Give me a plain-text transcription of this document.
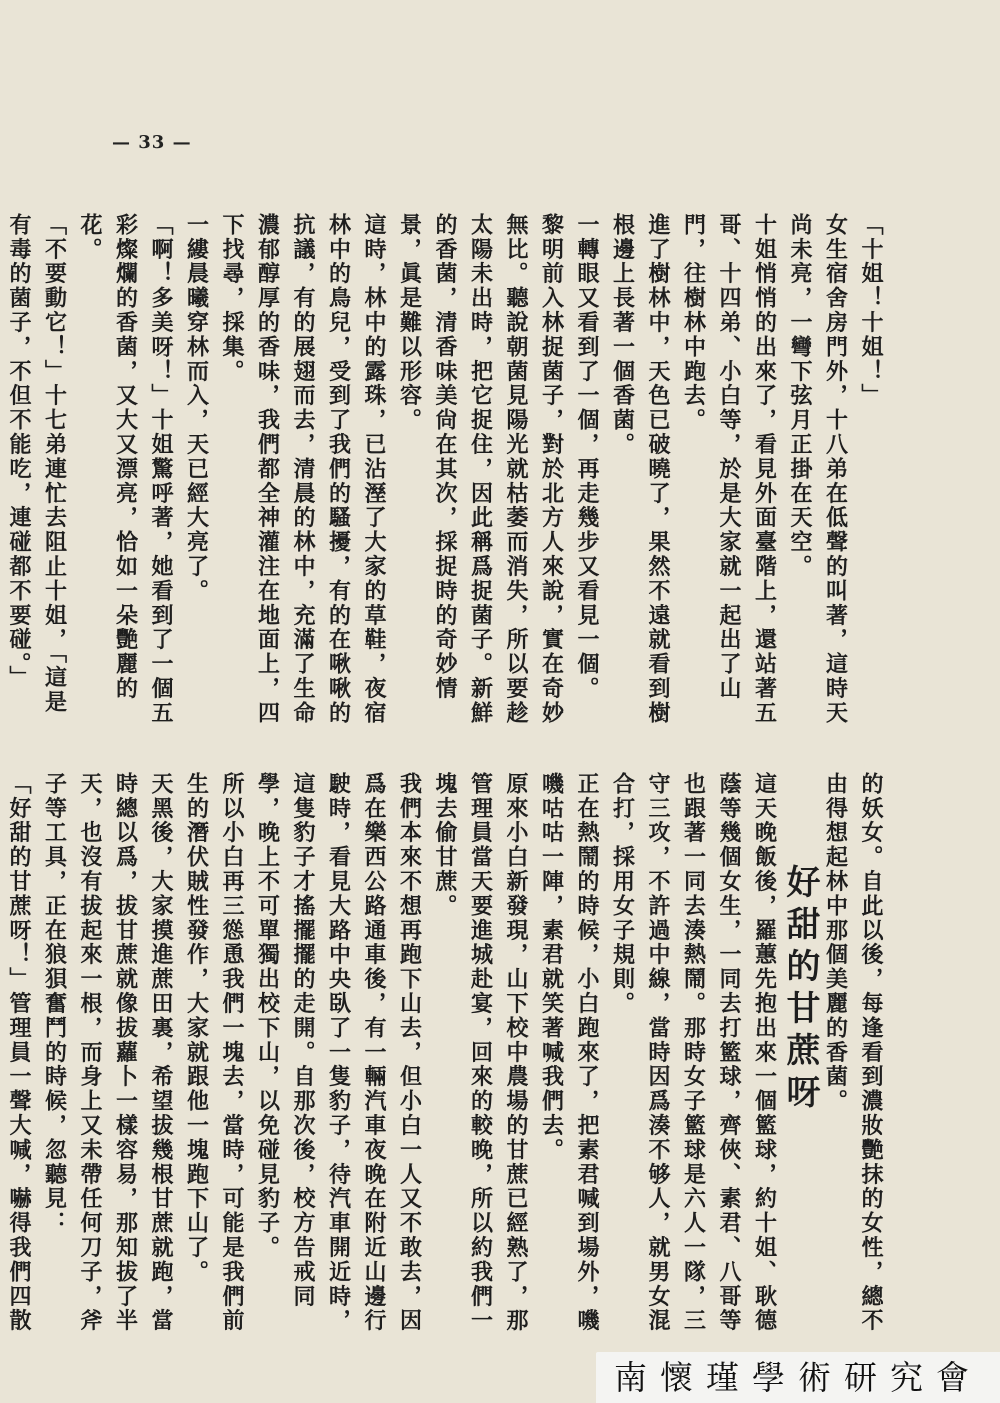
— 33 —

「十姐！十姐！」

女生宿舍房門外，十八弟在低聲的叫著，這時天尚未亮，一彎下弦月正掛在天空。

十姐悄悄的出來了，看見外面臺階上，還站著五哥、十四弟、小白等，於是大家就一起出了山門，往樹林中跑去。

進了樹林中，天色已破曉了，果然不遠就看到樹根邊上長著一個香菌。

一轉眼又看到了一個，再走幾步又看見一個。

黎明前入林捉菌子，對於北方人來說，實在奇妙無比。聽說朝菌見陽光就枯萎而消失，所以要趁太陽未出時，把它捉住，因此稱爲捉菌子。新鮮的香菌，清香味美尙在其次，採捉時的奇妙情景，眞是難以形容。

這時，林中的露珠，已沾溼了大家的草鞋，夜宿林中的鳥兒，受到了我們的騷擾，有的在啾啾的抗議，有的展翅而去，清晨的林中，充滿了生命濃郁醇厚的香味，我們都全神灌注在地面上，四下找尋，採集。

一縷晨曦穿林而入，天已經大亮了。

「啊！多美呀！」十姐驚呼著，她看到了一個五彩燦爛的香菌，又大又漂亮，恰如一朵艷麗的花。

「不要動它！」十七弟連忙去阻止十姐，「這是有毒的菌子，不但不能吃，連碰都不要碰。」

的妖女。自此以後，每逢看到濃妝艷抹的女性，總不由得想起林中那個美麗的香菌。

好甜的甘蔗呀

這天晚飯後，羅蕙先抱出來一個籃球，約十姐、耿德蔭等幾個女生，一同去打籃球，齊俠、素君、八哥等也跟著一同去湊熱鬧。那時女子籃球是六人一隊，三守三攻，不許過中線，當時因爲湊不够人，就男女混合打，採用女子規則。

正在熱鬧的時候，小白跑來了，把素君喊到場外，嘰嘰咕咕一陣，素君就笑著喊我們去。

原來小白新發現，山下校中農場的甘蔗已經熟了，那管理員當天要進城赴宴，回來的較晚，所以約我們一塊去偷甘蔗。

我們本來不想再跑下山去，但小白一人又不敢去，因爲在樂西公路通車後，有一輛汽車夜晚在附近山邊行駛時，看見大路中央臥了一隻豹子，待汽車開近時，這隻豹子才搖擺擺的走開。自那次後，校方告戒同學，晚上不可單獨出校下山，以免碰見豹子。

所以小白再三慫恿我們一塊去，當時，可能是我們前生的潛伏賊性發作，大家就跟他一塊跑下山了。

天黑後，大家摸進蔗田裏，希望拔幾根甘蔗就跑，當時總以爲，拔甘蔗就像拔蘿卜一樣容易，那知拔了半天，也沒有拔起來一根，而身上又未帶任何刀子，斧子等工具，正在狼狽奮鬥的時候，忽聽見：

「好甜的甘蔗呀！」管理員一聲大喊，嚇得我們四散

南懷瑾學術研究會
